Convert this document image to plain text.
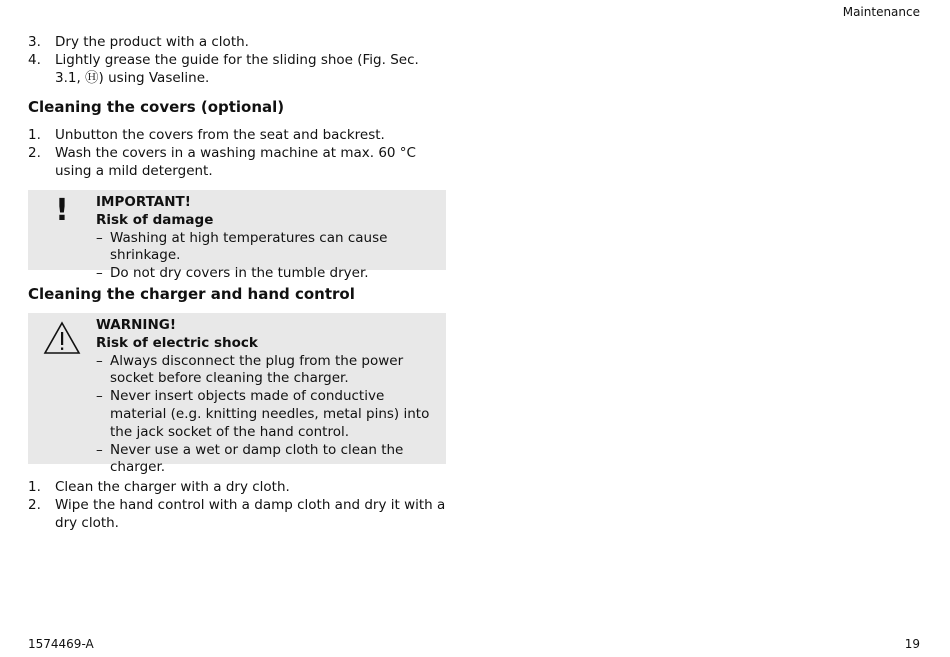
Maintenance
3. Dry the product with a cloth.
4. Lightly grease the guide for the sliding shoe (Fig. Sec. 3.1, Ⓗ) using Vaseline.
Cleaning the covers (optional)
1. Unbutton the covers from the seat and backrest.
2. Wash the covers in a washing machine at max. 60 °C using a mild detergent.
! IMPORTANT!
Risk of damage
– Washing at high temperatures can cause shrinkage.
– Do not dry covers in the tumble dryer.
Cleaning the charger and hand control
WARNING!
Risk of electric shock
– Always disconnect the plug from the power socket before cleaning the charger.
– Never insert objects made of conductive material (e.g. knitting needles, metal pins) into the jack socket of the hand control.
– Never use a wet or damp cloth to clean the charger.
1. Clean the charger with a dry cloth.
2. Wipe the hand control with a damp cloth and dry it with a dry cloth.
1574469-A	19
